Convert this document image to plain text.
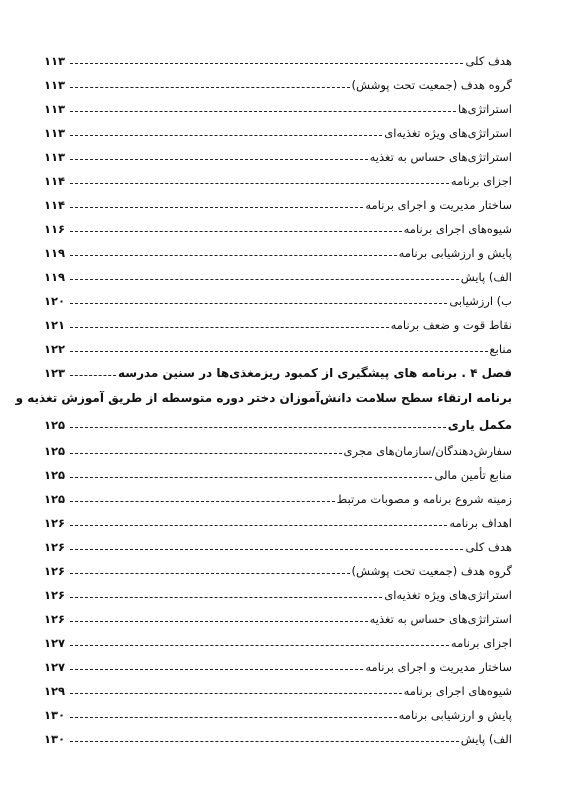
هدف کلی
۱۱۳
گروه هدف (جمعیت تحت پوشش)
۱۱۳
استراتژی‌ها
۱۱۳
استراتژی‌های ویژه تغذیه‌ای
۱۱۳
استراتژی‌های حساس به تغذیه
۱۱۳
اجزای برنامه
۱۱۴
ساختار مدیریت و اجرای برنامه
۱۱۴
شیوه‌های اجرای برنامه
۱۱۶
پایش و ارزشیابی برنامه
۱۱۹
الف) پایش
۱۱۹
ب) ارزشیابی
۱۲۰
نقاط قوت و ضعف برنامه
۱۲۱
منابع
۱۲۲
فصل ۴ . برنامه های پیشگیری از کمبود ریزمغذی‌ها در سنین مدرسه
۱۲۳
برنامه ارتقاء سطح سلامت دانش‌آموزان دختر دوره متوسطه از طریق آموزش تغذیه و
مکمل یاری
۱۲۵
سفارش‌دهندگان/سازمان‌های مجری
۱۲۵
منابع تأمین مالی
۱۲۵
زمینه شروع برنامه و مصوبات مرتبط
۱۲۵
اهداف برنامه
۱۲۶
هدف کلی
۱۲۶
گروه هدف (جمعیت تحت پوشش)
۱۲۶
استراتژی‌های ویژه تغذیه‌ای
۱۲۶
استراتژی‌های حساس به تغذیه
۱۲۶
اجزای برنامه
۱۲۷
ساختار مدیریت و اجرای برنامه
۱۲۷
شیوه‌های اجرای برنامه
۱۲۹
پایش و ارزشیابی برنامه
۱۳۰
الف) پایش
۱۳۰
